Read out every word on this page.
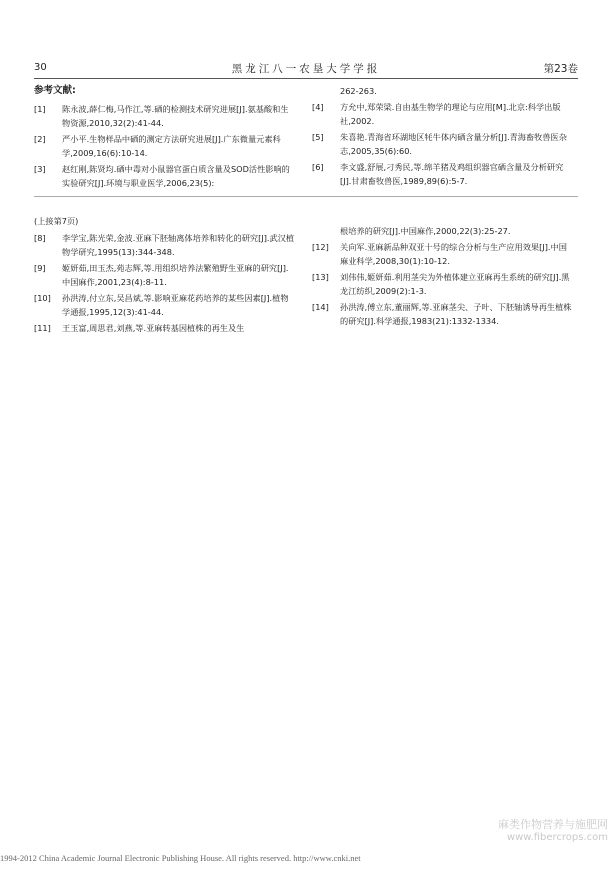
30	黑龙江八一农垦大学学报	第23卷
参考文献:
[1]	陈永波,薛仁梅,马作江,等.硒的检测技术研究进展[J].氨基酸和生物资源,2010,32(2):41-44.
[2]	严小平.生物样品中硒的测定方法研究进展[J].广东微量元素科学,2009,16(6):10-14.
[3]	赵红刚,陈贤均.硒中毒对小鼠器官蛋白质含量及SOD活性影响的实验研究[J].环境与职业医学,2006,23(5):
262-263.
[4]	方允中,郑荣梁.自由基生物学的理论与应用[M].北京:科学出版社,2002.
[5]	朱喜艳.青海省环湖地区牦牛体内硒含量分析[J].青海畜牧兽医杂志,2005,35(6):60.
[6]	李文盛,舒展,刁秀民,等.绵羊猪及鸡组织器官硒含量及分析研究[J].甘肃畜牧兽医,1989,89(6):5-7.
(上接第7页)
[8]	李学宝,陈光荣,金波.亚麻下胚轴离体培养和转化的研究[J].武汉植物学研究,1995(13):344-348.
[9]	姬妍茹,田玉杰,苑志辉,等.用组织培养法繁殖野生亚麻的研究[J].中国麻作,2001,23(4):8-11.
[10]	孙洪涛,付立东,吴昌斌,等.影响亚麻花药培养的某些因素[J].植物学通报,1995,12(3):41-44.
[11]	王玉富,周思君,刘燕,等.亚麻转基因植株的再生及生
根培养的研究[J].中国麻作,2000,22(3):25-27.
[12]	关向军.亚麻新品种双亚十号的综合分析与生产应用效果[J].中国麻业科学,2008,30(1):10-12.
[13]	刘伟伟,姬妍茹.利用茎尖为外植体建立亚麻再生系统的研究[J].黑龙江纺织,2009(2):1-3.
[14]	孙洪涛,傅立东,董丽辉,等.亚麻茎尖、子叶、下胚轴诱导再生植株的研究[J].科学通报,1983(21):1332-1334.
麻类作物营养与施肥网
www.fibercrops.com
1994-2012 China Academic Journal Electronic Publishing House. All rights reserved. http://www.cnki.net
